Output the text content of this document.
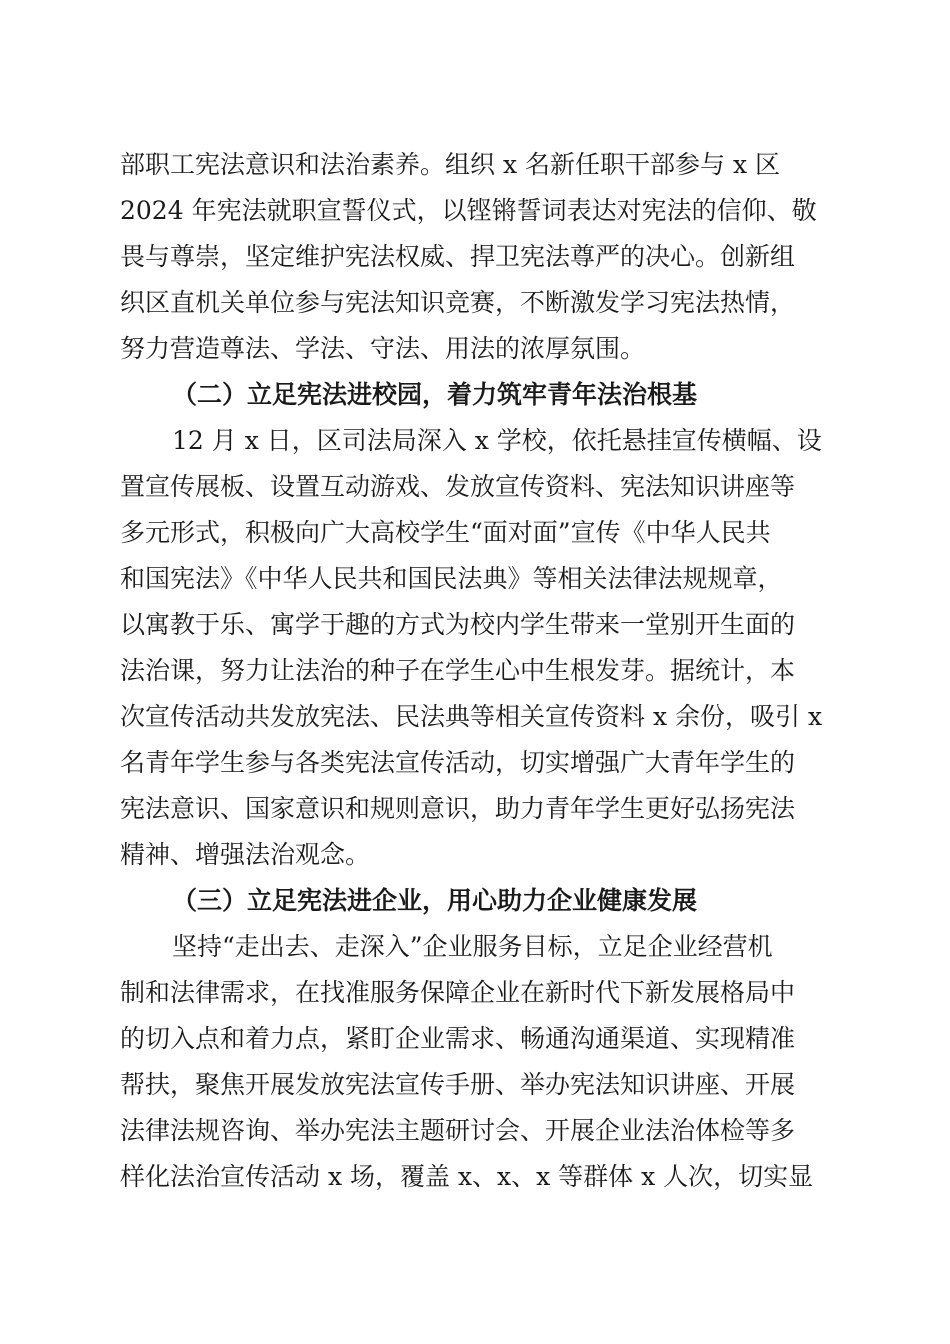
部职工宪法意识和法治素养。组织 x 名新任职干部参与 x 区
2024 年宪法就职宣誓仪式，以铿锵誓词表达对宪法的信仰、敬
畏与尊崇，坚定维护宪法权威、捍卫宪法尊严的决心。创新组
织区直机关单位参与宪法知识竞赛，不断激发学习宪法热情，
努力营造尊法、学法、守法、用法的浓厚氛围。
（二）立足宪法进校园，着力筑牢青年法治根基
12 月 x 日，区司法局深入 x 学校，依托悬挂宣传横幅、设
置宣传展板、设置互动游戏、发放宣传资料、宪法知识讲座等
多元形式，积极向广大高校学生“面对面”宣传《中华人民共
和国宪法》《中华人民共和国民法典》等相关法律法规规章，
以寓教于乐、寓学于趣的方式为校内学生带来一堂别开生面的
法治课，努力让法治的种子在学生心中生根发芽。据统计，本
次宣传活动共发放宪法、民法典等相关宣传资料 x 余份，吸引 x
名青年学生参与各类宪法宣传活动，切实增强广大青年学生的
宪法意识、国家意识和规则意识，助力青年学生更好弘扬宪法
精神、增强法治观念。
（三）立足宪法进企业，用心助力企业健康发展
坚持“走出去、走深入”企业服务目标，立足企业经营机
制和法律需求，在找准服务保障企业在新时代下新发展格局中
的切入点和着力点，紧盯企业需求、畅通沟通渠道、实现精准
帮扶，聚焦开展发放宪法宣传手册、举办宪法知识讲座、开展
法律法规咨询、举办宪法主题研讨会、开展企业法治体检等多
样化法治宣传活动 x 场，覆盖 x、x、x 等群体 x 人次，切实显
